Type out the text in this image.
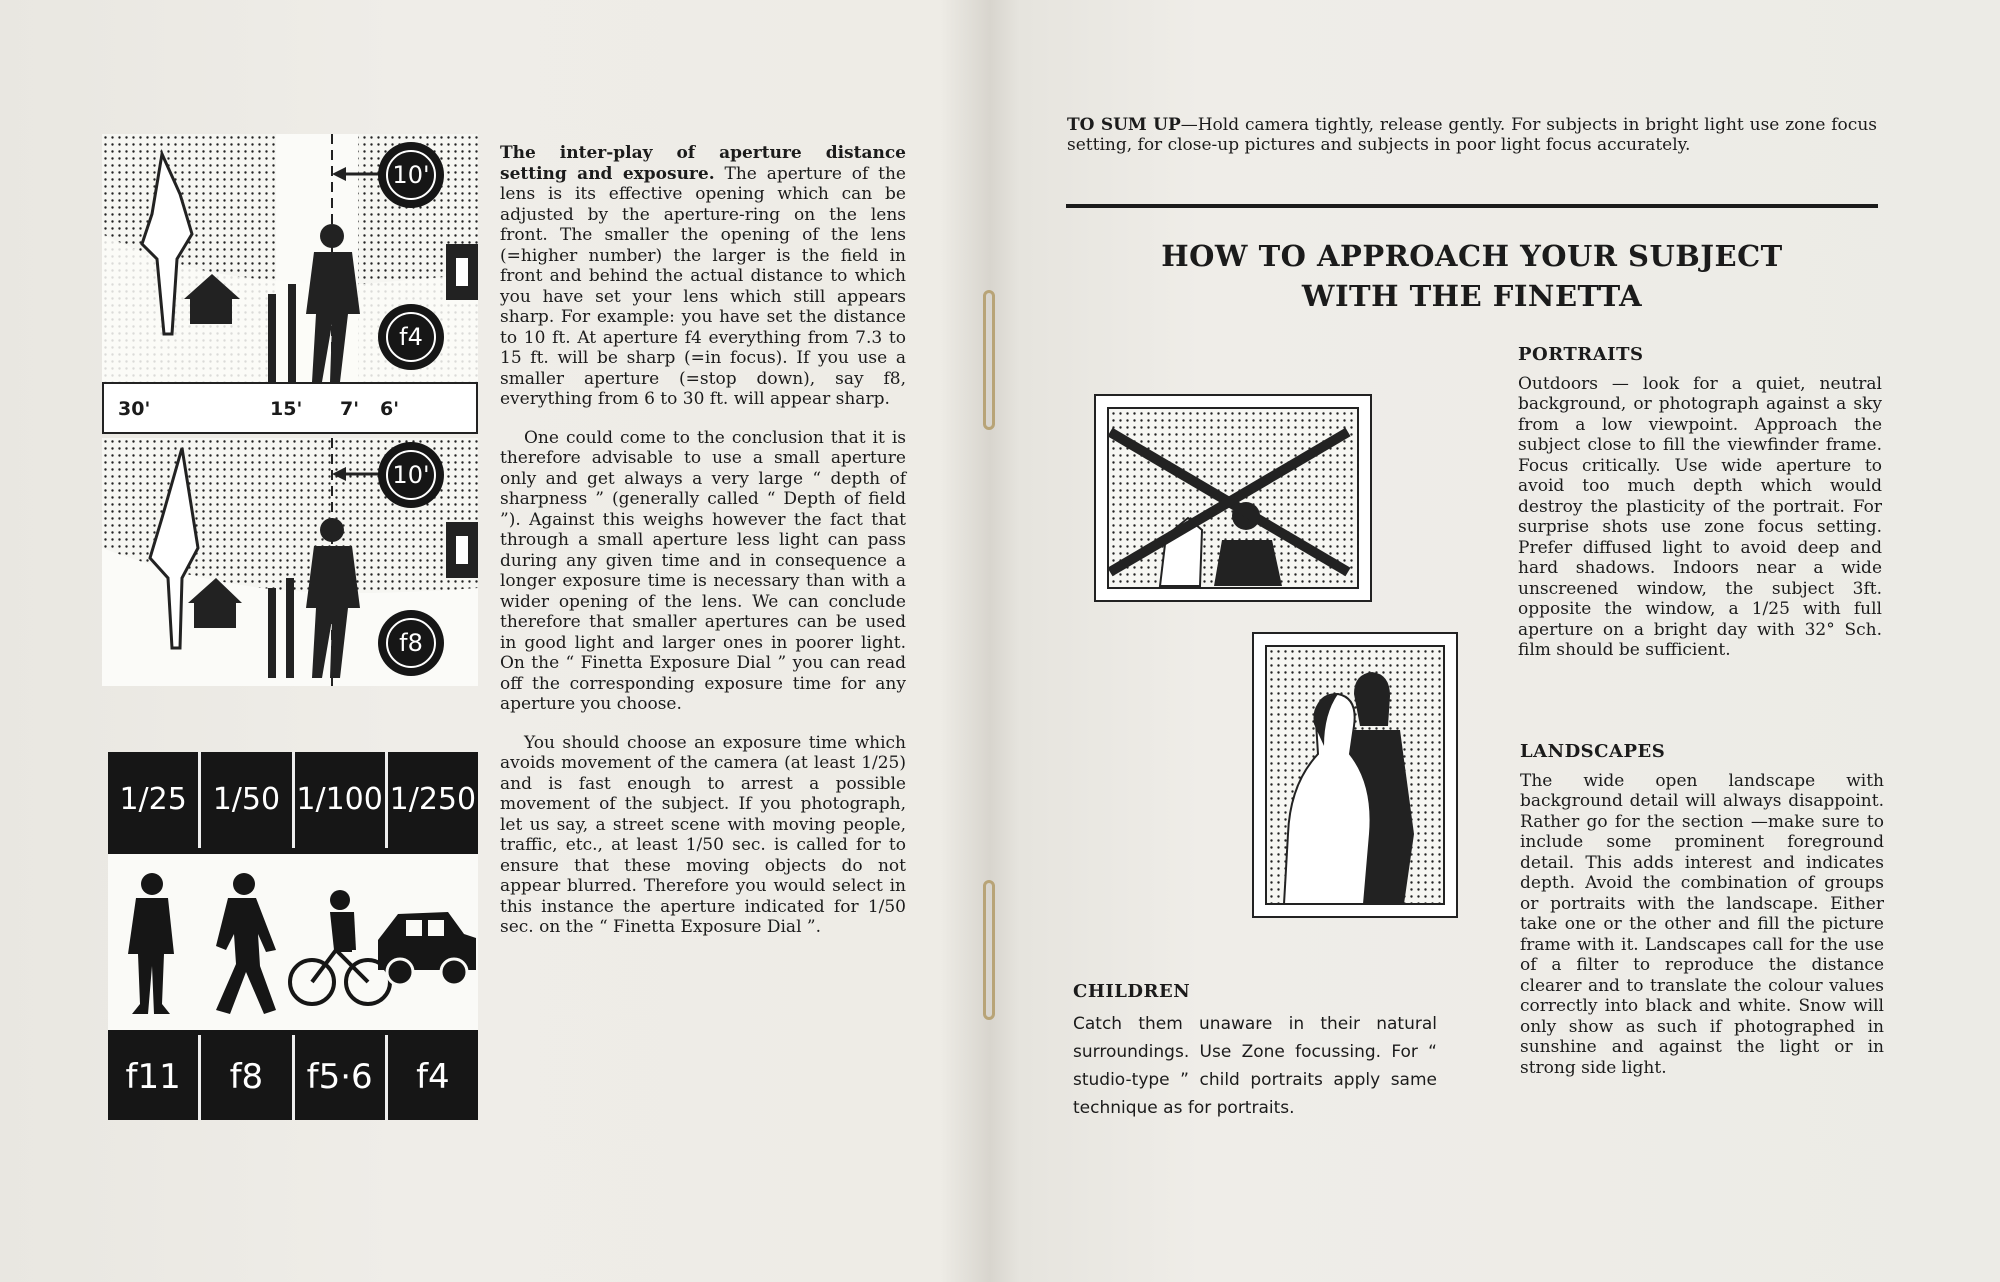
10'
f4
30'	15' 7' 6'
10'
f8
1/25 1/50 1/100 1/250
f11	f8	f5·6	f4

The inter-play of aperture distance setting and exposure. The aperture of the lens is its effective opening which can be adjusted by the aperture-ring on the lens front. The smaller the opening of the lens (=higher number) the larger is the field in front and behind the actual distance to which you have set your lens which still appears sharp. For example: you have set the distance to 10 ft. At aperture f4 everything from 7.3 to 15 ft. will be sharp (=in focus). If you use a smaller aperture (=stop down), say f8, everything from 6 to 30 ft. will appear sharp.

One could come to the conclusion that it is therefore advisable to use a small aperture only and get always a very large “ depth of sharpness ” (generally called “ Depth of field ”). Against this weighs however the fact that through a small aperture less light can pass during any given time and in consequence a longer exposure time is necessary than with a wider opening of the lens. We can conclude therefore that smaller apertures can be used in good light and larger ones in poorer light. On the “ Finetta Exposure Dial ” you can read off the corresponding exposure time for any aperture you choose.

You should choose an exposure time which avoids movement of the camera (at least 1/25) and is fast enough to arrest a possible movement of the subject. If you photograph, let us say, a street scene with moving people, traffic, etc., at least 1/50 sec. is called for to ensure that these moving objects do not appear blurred. Therefore you would select in this instance the aperture indicated for 1/50 sec. on the “ Finetta Exposure Dial ”.

TO SUM UP—Hold camera tightly, release gently. For subjects in bright light use zone focus setting, for close-up pictures and subjects in poor light focus accurately.
HOW TO APPROACH YOUR SUBJECT
WITH THE FINETTA
PORTRAITS

Outdoors — look for a quiet, neutral background, or photograph against a sky from a low viewpoint. Approach the subject close to fill the viewfinder frame. Focus critically. Use wide aperture to avoid too much depth which would destroy the plasticity of the portrait. For surprise shots use zone focus setting. Prefer diffused light to avoid deep and hard shadows. Indoors near a wide unscreened window, the subject 3ft. opposite the window, a 1/25 with full aperture on a bright day with 32° Sch. film should be sufficient.

LANDSCAPES

The wide open landscape with background detail will always disappoint. Rather go for the section —make sure to include some prominent foreground detail. This adds interest and indicates depth. Avoid the combination of groups or portraits with the landscape. Either take one or the other and fill the picture frame with it. Landscapes call for the use of a filter to reproduce the distance clearer and to translate the colour values correctly into black and white. Snow will only show as such if photographed in sunshine and against the light or in strong side light.

CHILDREN

Catch them unaware in their natural surroundings. Use Zone focussing. For “ studio-type ” child portraits apply same technique as for portraits.
